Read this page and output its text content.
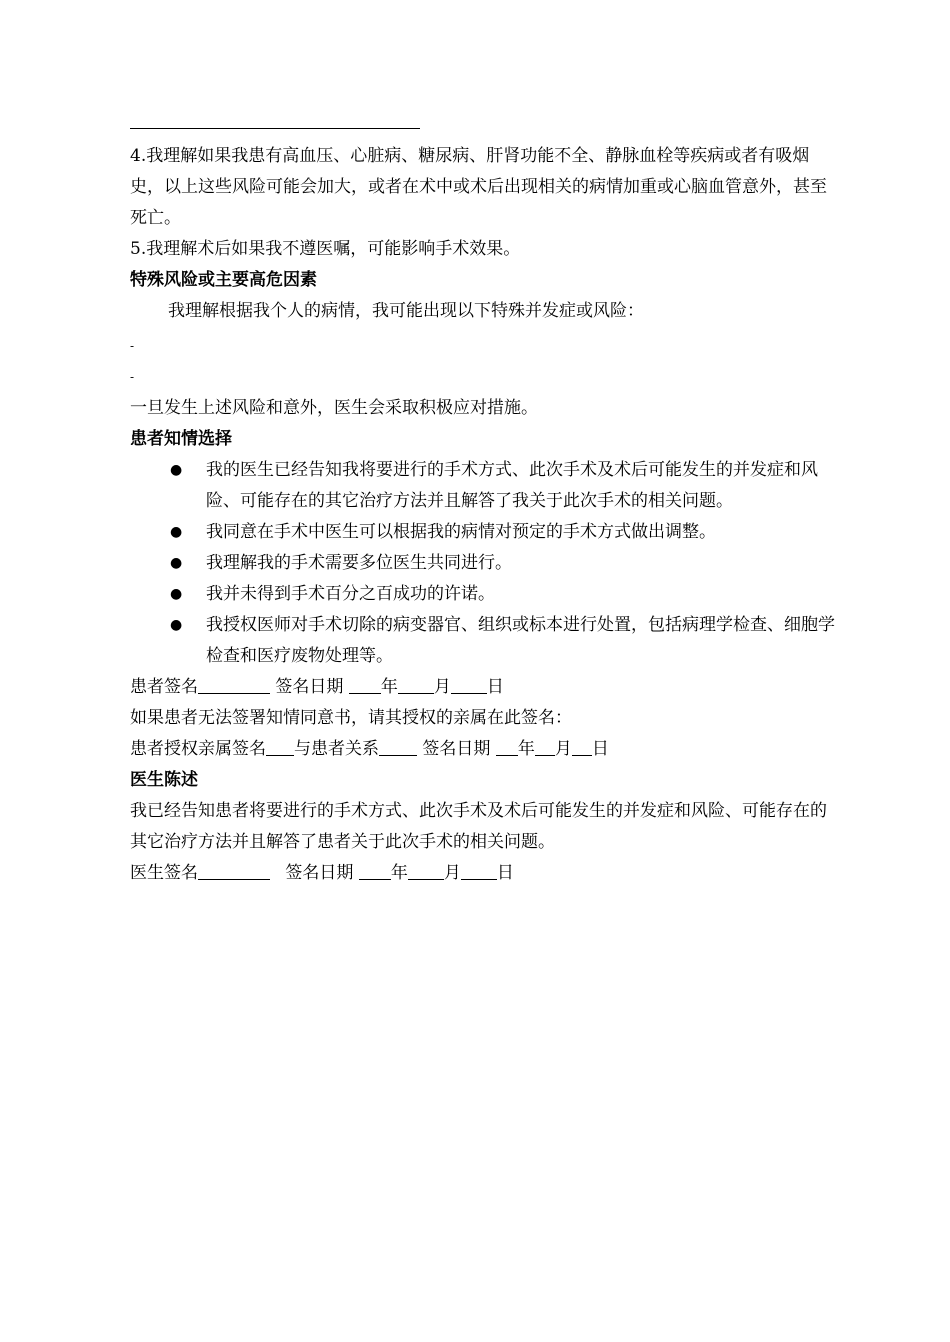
4.我理解如果我患有高血压、心脏病、糖尿病、肝肾功能不全、静脉血栓等疾病或者有吸烟史，以上这些风险可能会加大，或者在术中或术后出现相关的病情加重或心脑血管意外，甚至死亡。

5.我理解术后如果我不遵医嘱，可能影响手术效果。

特殊风险或主要高危因素

我理解根据我个人的病情，我可能出现以下特殊并发症或风险：

-

-

一旦发生上述风险和意外，医生会采取积极应对措施。

患者知情选择

● 我的医生已经告知我将要进行的手术方式、此次手术及术后可能发生的并发症和风险、可能存在的其它治疗方法并且解答了我关于此次手术的相关问题。
● 我同意在手术中医生可以根据我的病情对预定的手术方式做出调整。
● 我理解我的手术需要多位医生共同进行。
● 我并未得到手术百分之百成功的许诺。
● 我授权医师对手术切除的病变器官、组织或标本进行处置，包括病理学检查、细胞学检查和医疗废物处理等。

患者签名	签名日期 年 月 日

如果患者无法签署知情同意书，请其授权的亲属在此签名：

患者授权亲属签名 与患者关系	签名日期 年 月 日

医生陈述

我已经告知患者将要进行的手术方式、此次手术及术后可能发生的并发症和风险、可能存在的其它治疗方法并且解答了患者关于此次手术的相关问题。

医生签名	签名日期 年 月 日
